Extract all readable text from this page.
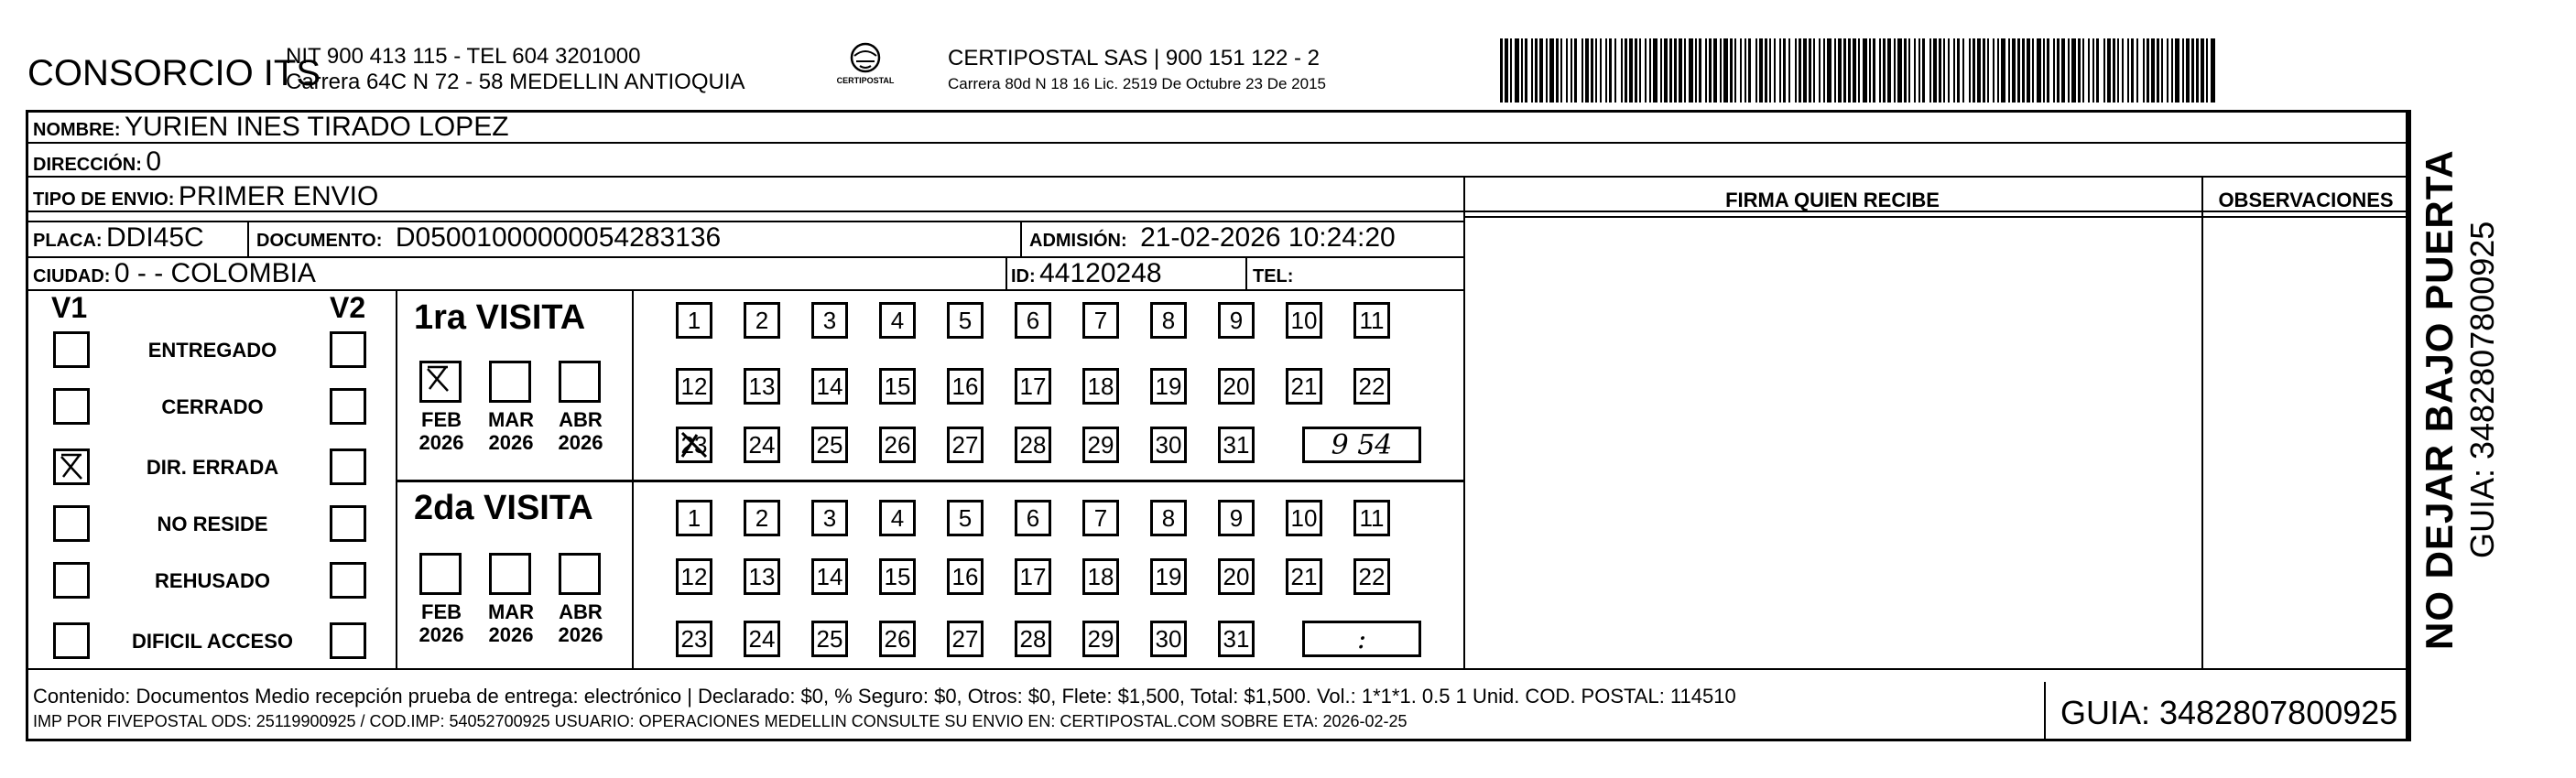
CONSORCIO ITS
NIT 900 413 115 - TEL 604 3201000
Carrera 64C N 72 - 58 MEDELLIN ANTIOQUIA	CERTIPOSTAL
CERTIPOSTAL SAS | 900 151 122 - 2
Carrera 80d N 18 16 Lic. 2519 De Octubre 23 De 2015
NOMBRE: YURIEN INES TIRADO LOPEZ
DIRECCIÓN: 0
TIPO DE ENVIO: PRIMER ENVIO	FIRMA QUIEN RECIBE	OBSERVACIONES
PLACA: DDI45C	DOCUMENTO: D05001000000054283136	ADMISIÓN: 21-02-2026 10:24:20
CIUDAD: 0 - - COLOMBIA	ID: 44120248	TEL:
V1	V2
ENTREGADO
CERRADO
DIR. ERRADA
NO RESIDE
REHUSADO
DIFICIL ACCESO
1ra VISITA
FEB
2026
MAR
2026
ABR
2026
2da VISITA
FEB
2026
MAR
2026
ABR
2026
1 2 3 4 5 6 7 8 9 10 11
12 13 14 15 16 17 18 19 20 21 22
23 24 25 26 27 28 29 30 31	9 54
1 2 3 4 5 6 7 8 9 10 11
12 13 14 15 16 17 18 19 20 21 22
23 24 25 26 27 28 29 30 31	:
Contenido: Documentos Medio recepción prueba de entrega: electrónico | Declarado: $0, % Seguro: $0, Otros: $0, Flete: $1,500, Total: $1,500. Vol.: 1*1*1. 0.5 1 Unid. COD. POSTAL: 114510
IMP POR FIVEPOSTAL ODS: 25119900925 / COD.IMP: 54052700925 USUARIO: OPERACIONES MEDELLIN CONSULTE SU ENVIO EN: CERTIPOSTAL.COM SOBRE ETA: 2026-02-25	GUIA: 3482807800925
NO DEJAR BAJO PUERTA GUIA: 3482807800925
